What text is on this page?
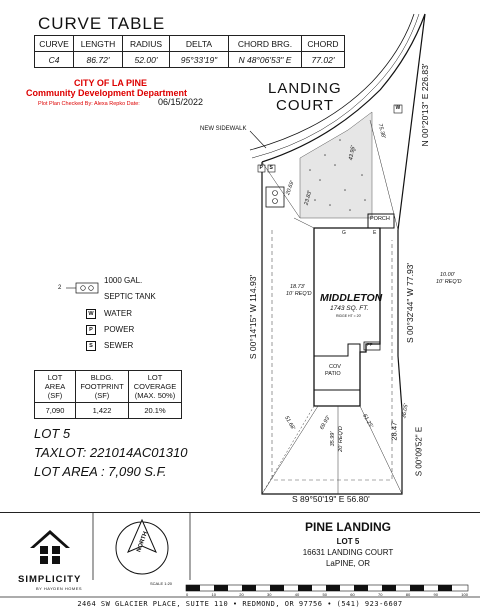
CURVE TABLE
CURVE	LENGTH	RADIUS	DELTA	CHORD BRG.	CHORD
C4	86.72'	52.00'	95°33'19"	N 48°06'53" E	77.02'
CITY OF LA PINE
Community Development Department
Plot Plan Checked By: Alexa Repko Date: 06/15/2022
LANDING
COURT
NEW SIDEWALK
MIDDLETON
1743 SQ. FT.
RIDGE HT = 20'
PORCH
COV
PATIO
FP
G	E
W
P S
S 00°14'15" W 114.93'
N 00°20'13" E 226.83'
S 00°32'44" W 77.93'
S 00°09'52" E
28.47'
S 89°50'19" E 56.80'
18.73'
10' REQ'D
10.00'
10' REQ'D
35.99' 20' REQ'D
69.93'	61.25'
51.68'
75.38'
43.96'
23.83'
20.69'
36.05'
2
1000 GAL.
SEPTIC TANK
W	WATER
P	POWER
S	SEWER
LOT AREA (SF)	BLDG. FOOTPRINT (SF)	LOT COVERAGE (MAX. 50%)
7,090	1,422	20.1%
LOT 5
TAXLOT: 221014AC01310
LOT AREA : 7,090 S.F.
NORTH
0	10	20	30	40	50	60	70	80	90	100
SCALE 1:20
PINE LANDING
LOT 5
16631 LANDING COURT
LaPINE, OR
SIMPLICITY
BY HAYDEN HOMES
2464 SW GLACIER PLACE, SUITE 110 • REDMOND, OR 97756 • (541) 923-6607
